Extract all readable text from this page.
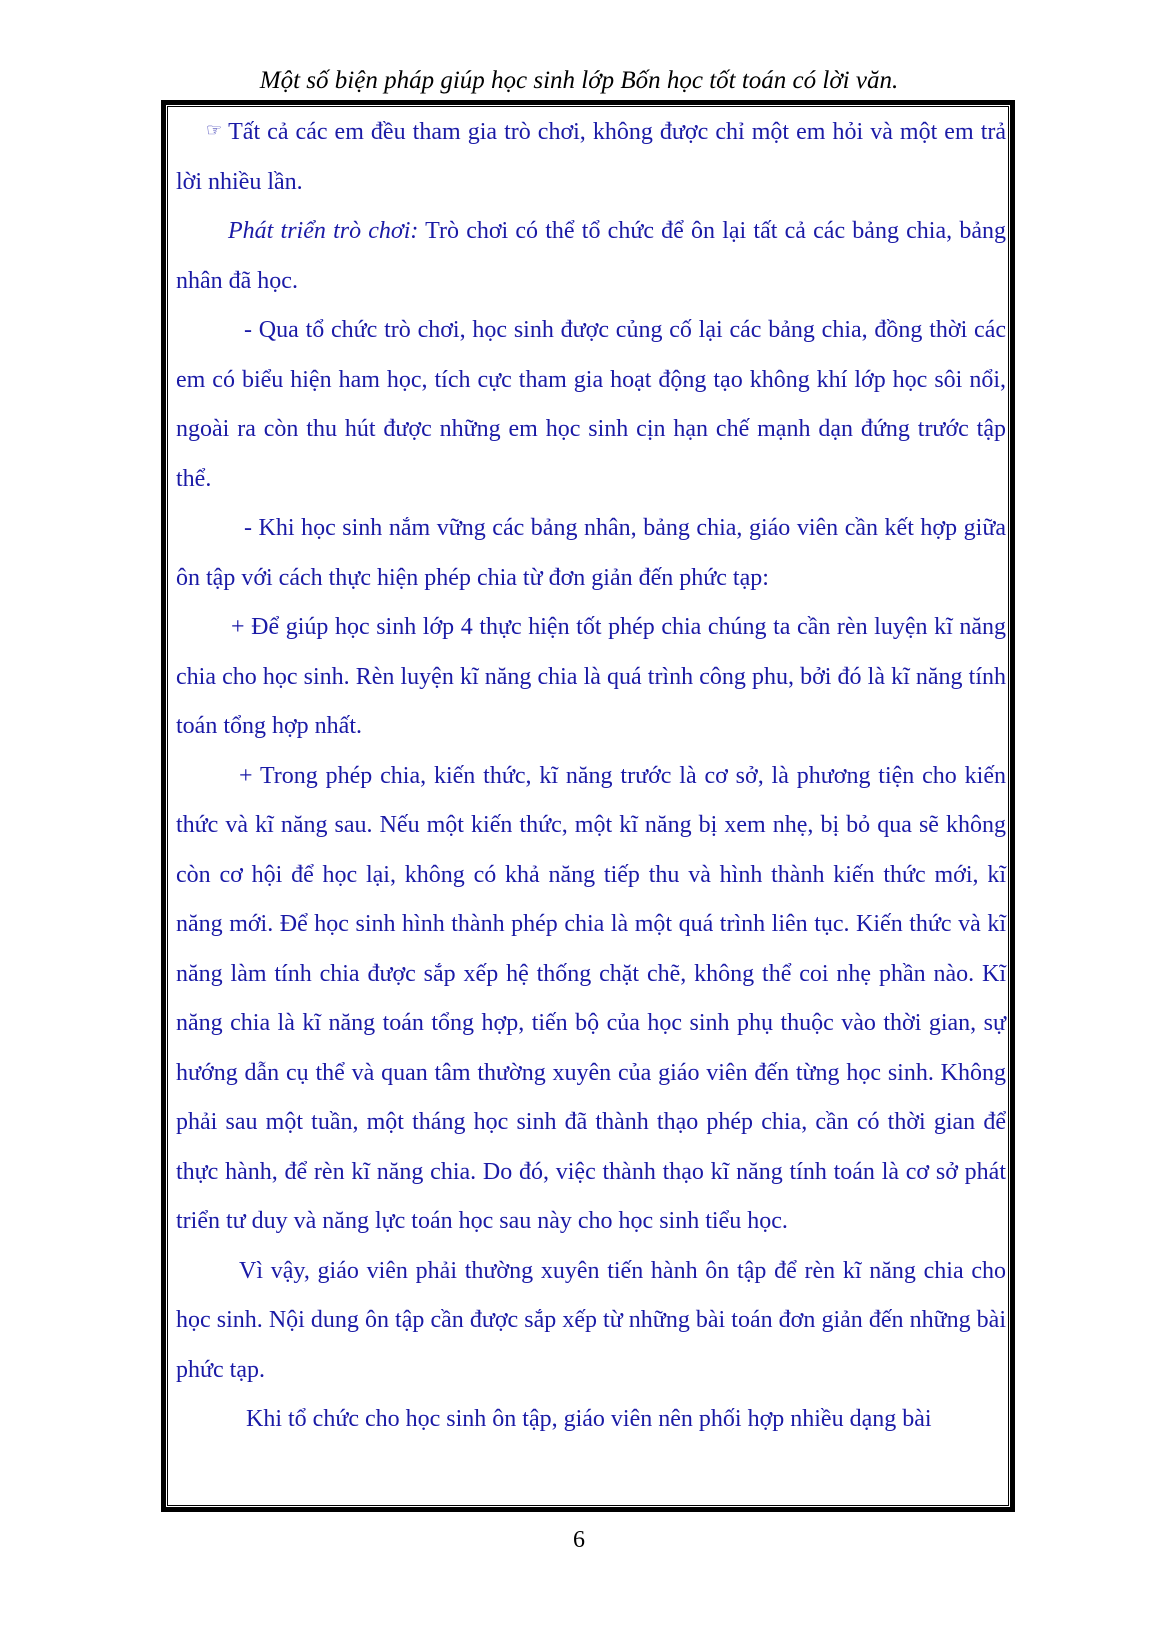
Một số biện pháp giúp học sinh lớp Bốn học tốt toán có lời văn.

☞ Tất cả các em đều tham gia trò chơi, không được chỉ một em hỏi và một em trả lời nhiều lần.

Phát triển trò chơi: Trò chơi có thể tổ chức để ôn lại tất cả các bảng chia, bảng nhân đã học.

- Qua tổ chức trò chơi, học sinh được củng cố lại các bảng chia, đồng thời các em có biểu hiện ham học, tích cực tham gia hoạt động tạo không khí lớp học sôi nổi, ngoài ra còn thu hút được những em học sinh cịn hạn chế mạnh dạn đứng trước tập thể.

- Khi học sinh nắm vững các bảng nhân, bảng chia, giáo viên cần kết hợp giữa ôn tập với cách thực hiện phép chia từ đơn giản đến phức tạp:

+ Để giúp học sinh lớp 4 thực hiện tốt phép chia chúng ta cần rèn luyện kĩ năng chia cho học sinh. Rèn luyện kĩ năng chia là quá trình công phu, bởi đó là kĩ năng tính toán tổng hợp nhất.

+ Trong phép chia, kiến thức, kĩ năng trước là cơ sở, là phương tiện cho kiến thức và kĩ năng sau. Nếu một kiến thức, một kĩ năng bị xem nhẹ, bị bỏ qua sẽ không còn cơ hội để học lại, không có khả năng tiếp thu và hình thành kiến thức mới, kĩ năng mới. Để học sinh hình thành phép chia là một quá trình liên tục. Kiến thức và kĩ năng làm tính chia được sắp xếp hệ thống chặt chẽ, không thể coi nhẹ phần nào. Kĩ năng chia là kĩ năng toán tổng hợp, tiến bộ của học sinh phụ thuộc vào thời gian, sự hướng dẫn cụ thể và quan tâm thường xuyên của giáo viên đến từng học sinh. Không phải sau một tuần, một tháng học sinh đã thành thạo phép chia, cần có thời gian để thực hành, để rèn kĩ năng chia. Do đó, việc thành thạo kĩ năng tính toán là cơ sở phát triển tư duy và năng lực toán học sau này cho học sinh tiểu học.

Vì vậy, giáo viên phải thường xuyên tiến hành ôn tập để rèn kĩ năng chia cho học sinh. Nội dung ôn tập cần được sắp xếp từ những bài toán đơn giản đến những bài phức tạp.

Khi tổ chức cho học sinh ôn tập, giáo viên nên phối hợp nhiều dạng bài

6
